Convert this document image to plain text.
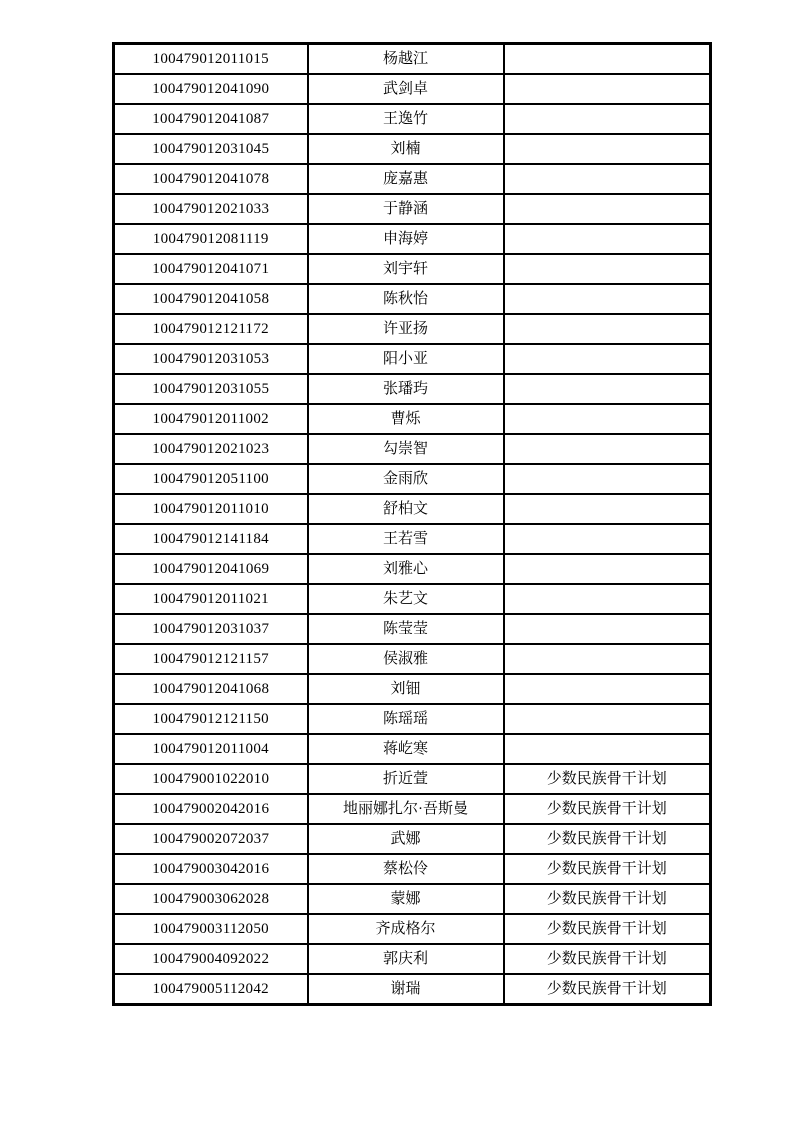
100479012011015	杨越江	
100479012041090	武剑卓	
100479012041087	王逸竹	
100479012031045	刘楠	
100479012041078	庞嘉惠	
100479012021033	于静涵	
100479012081119	申海婷	
100479012041071	刘宇轩	
100479012041058	陈秋怡	
100479012121172	许亚扬	
100479012031053	阳小亚	
100479012031055	张璠玙	
100479012011002	曹烁	
100479012021023	勾崇智	
100479012051100	金雨欣	
100479012011010	舒柏文	
100479012141184	王若雪	
100479012041069	刘雅心	
100479012011021	朱艺文	
100479012031037	陈莹莹	
100479012121157	侯淑雅	
100479012041068	刘钿	
100479012121150	陈瑶瑶	
100479012011004	蒋屹寒	
100479001022010	折近萱	少数民族骨干计划
100479002042016	地丽娜扎尔·吾斯曼	少数民族骨干计划
100479002072037	武娜	少数民族骨干计划
100479003042016	蔡松伶	少数民族骨干计划
100479003062028	蒙娜	少数民族骨干计划
100479003112050	齐成格尔	少数民族骨干计划
100479004092022	郭庆利	少数民族骨干计划
100479005112042	谢瑞	少数民族骨干计划
